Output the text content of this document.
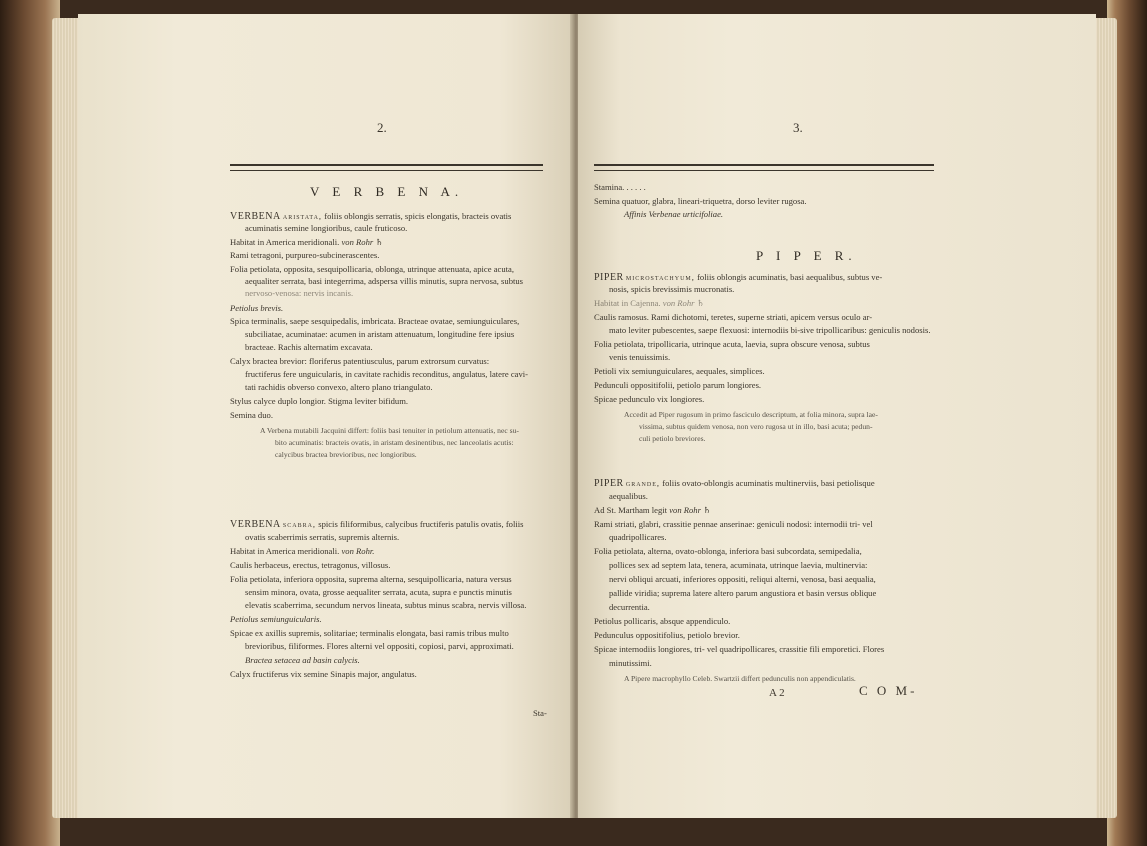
2.
V E R B E N A.
VERBENA aristata, foliis oblongis serratis, spicis elongatis, bracteis ovatis
acuminatis semine longioribus, caule fruticoso.
Habitat in America meridionali. von Rohr ♄
Rami tetragoni, purpureo-subcinerascentes.
Folia petiolata, opposita, sesquipollicaria, oblonga, utrinque attenuata, apice acuta,
aequaliter serrata, basi integerrima, adspersa villis minutis, supra nervosa, subtus
nervoso-venosa: nervis incanis.
Petiolus brevis.
Spica terminalis, saepe sesquipedalis, imbricata. Bracteae ovatae, semiunguiculares,
subciliatae, acuminatae: acumen in aristam attenuatum, longitudine fere ipsius
bracteae. Rachis alternatim excavata.
Calyx bractea brevior: floriferus patentiusculus, parum extrorsum curvatus:
fructiferus fere unguicularis, in cavitate rachidis reconditus, angulatus, latere cavi-
tati rachidis obverso convexo, altero plano triangulato.
Stylus calyce duplo longior. Stigma leviter bifidum.
Semina duo.
A Verbena mutabili Jacquini differt: foliis basi tenuiter in petiolum attenuatis, nec su-
bito acuminatis: bracteis ovatis, in aristam desinentibus, nec lanceolatis acutis:
calycibus bractea brevioribus, nec longioribus.
VERBENA scabra, spicis filiformibus, calycibus fructiferis patulis ovatis, foliis
ovatis scaberrimis serratis, supremis alternis.
Habitat in America meridionali. von Rohr.
Caulis herbaceus, erectus, tetragonus, villosus.
Folia petiolata, inferiora opposita, suprema alterna, sesquipollicaria, natura versus
sensim minora, ovata, grosse aequaliter serrata, acuta, supra e punctis minutis
elevatis scaberrima, secundum nervos lineata, subtus minus scabra, nervis villosa.
Petiolus semiunguicularis.
Spicae ex axillis supremis, solitariae; terminalis elongata, basi ramis tribus multo
brevioribus, filiformes. Flores alterni vel oppositi, copiosi, parvi, approximati.
Bractea setacea ad basin calycis.
Calyx fructiferus vix semine Sinapis major, angulatus.
Sta-
3.
Stamina. . . . . .
Semina quatuor, glabra, lineari-triquetra, dorso leviter rugosa.
Affinis Verbenae urticifoliae.
P I P E R.
PIPER microstachyum, foliis oblongis acuminatis, basi aequalibus, subtus ve-
nosis, spicis brevissimis mucronatis.
Habitat in Cajenna. von Rohr ♄
Caulis ramosus. Rami dichotomi, teretes, superne striati, apicem versus oculo ar-
mato leviter pubescentes, saepe flexuosi: internodiis bi-sive tripollicaribus: geniculis nodosis.
Folia petiolata, tripollicaria, utrinque acuta, laevia, supra obscure venosa, subtus
venis tenuissimis.
Petioli vix semiunguiculares, aequales, simplices.
Pedunculi oppositifolii, petiolo parum longiores.
Spicae pedunculo vix longiores.
Accedit ad Piper rugosum in primo fasciculo descriptum, at folia minora, supra lae-
vissima, subtus quidem venosa, non vero rugosa ut in illo, basi acuta; pedun-
culi petiolo breviores.
PIPER grande, foliis ovato-oblongis acuminatis multinerviis, basi petiolisque
aequalibus.
Ad St. Martham legit von Rohr ♄
Rami striati, glabri, crassitie pennae anserinae: geniculi nodosi: internodii tri- vel
quadripollicares.
Folia petiolata, alterna, ovato-oblonga, inferiora basi subcordata, semipedalia,
pollices sex ad septem lata, tenera, acuminata, utrinque laevia, multinervia:
nervi obliqui arcuati, inferiores oppositi, reliqui alterni, venosa, basi aequalia,
pallide viridia; suprema latere altero parum angustiora et basin versus oblique
decurrentia.
Petiolus pollicaris, absque appendiculo.
Pedunculus oppositifolius, petiolo brevior.
Spicae internodiis longiores, tri- vel quadripollicares, crassitie fili emporetici. Flores
minutissimi.
A Pipere macrophyllo Celeb. Swartzii differt pedunculis non appendiculatis.
A 2	C O M-
